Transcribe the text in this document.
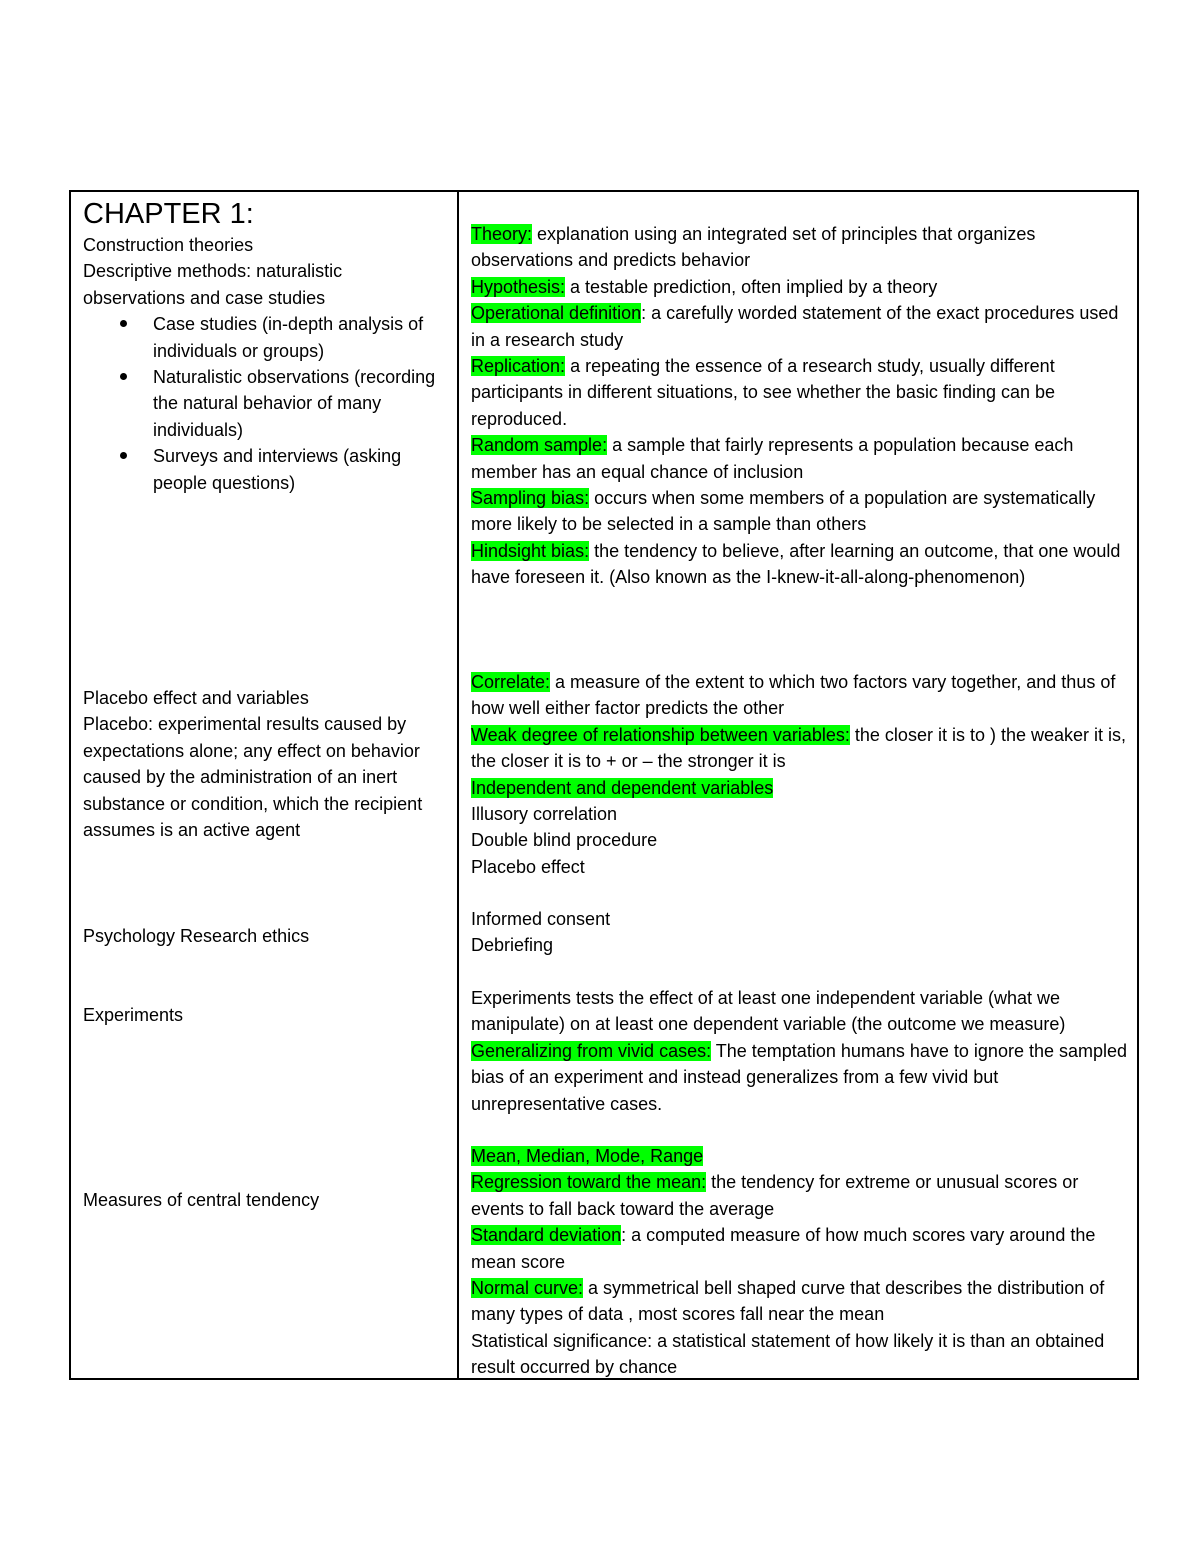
CHAPTER 1:
Construction theories
Descriptive methods: naturalistic observations and case studies
Case studies (in-depth analysis of individuals or groups)
Naturalistic observations (recording the natural behavior of many individuals)
Surveys and interviews (asking people questions)
Placebo effect and variables
Placebo: experimental results caused by expectations alone; any effect on behavior caused by the administration of an inert substance or condition, which the recipient assumes is an active agent
Psychology Research ethics
Experiments
Measures of central tendency
Theory: explanation using an integrated set of principles that organizes observations and predicts behavior
Hypothesis: a testable prediction, often implied by a theory
Operational definition: a carefully worded statement of the exact procedures used in a research study
Replication: a repeating the essence of a research study, usually different participants in different situations, to see whether the basic finding can be reproduced.
Random sample: a sample that fairly represents a population because each member has an equal chance of inclusion
Sampling bias: occurs when some members of a population are systematically more likely to be selected in a sample than others
Hindsight bias: the tendency to believe, after learning an outcome, that one would have foreseen it. (Also known as the I-knew-it-all-along-phenomenon)
Correlate: a measure of the extent to which two factors vary together, and thus of how well either factor predicts the other
Weak degree of relationship between variables: the closer it is to ) the weaker it is, the closer it is to + or – the stronger it is
Independent and dependent variables
Illusory correlation
Double blind procedure
Placebo effect
Informed consent
Debriefing
Experiments tests the effect of at least one independent variable (what we manipulate) on at least one dependent variable (the outcome we measure)
Generalizing from vivid cases: The temptation humans have to ignore the sampled bias of an experiment and instead generalizes from a few vivid but unrepresentative cases.
Mean, Median, Mode, Range
Regression toward the mean: the tendency for extreme or unusual scores or events to fall back toward the average
Standard deviation: a computed measure of how much scores vary around the mean score
Normal curve: a symmetrical bell shaped curve that describes the distribution of many types of data , most scores fall near the mean
Statistical significance: a statistical statement of how likely it is than an obtained result occurred by chance
